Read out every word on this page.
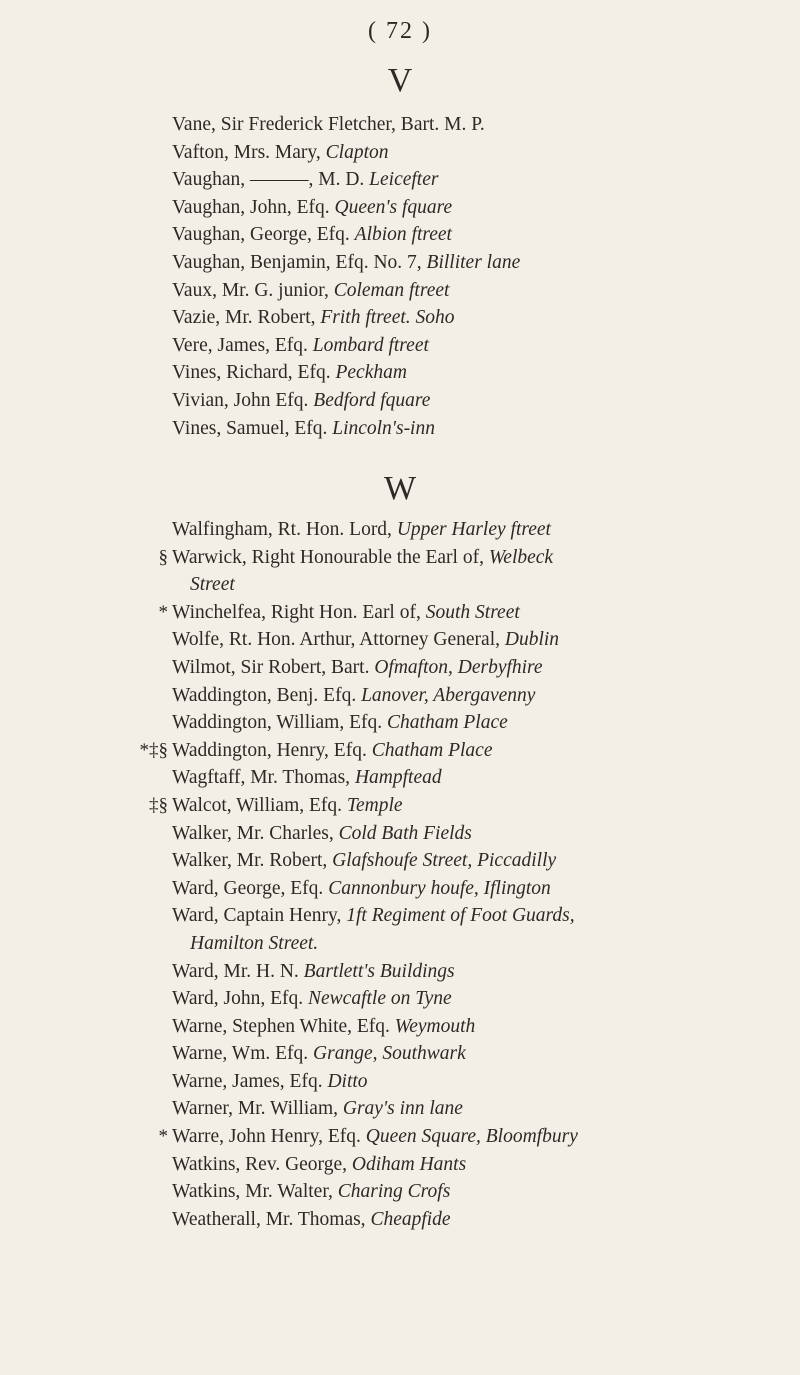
( 72 )
V
Vane, Sir Frederick Fletcher, Bart. M. P.
Vafton, Mrs. Mary, Clapton
Vaughan, ———, M. D. Leicefter
Vaughan, John, Efq. Queen's fquare
Vaughan, George, Efq. Albion ftreet
Vaughan, Benjamin, Efq. No. 7, Billiter lane
Vaux, Mr. G. junior, Coleman ftreet
Vazie, Mr. Robert, Frith ftreet. Soho
Vere, James, Efq. Lombard ftreet
Vines, Richard, Efq. Peckham
Vivian, John Efq. Bedford fquare
Vines, Samuel, Efq. Lincoln's-inn
W
Walfingham, Rt. Hon. Lord, Upper Harley ftreet
§ Warwick, Right Honourable the Earl of, Welbeck
Street
* Winchelfea, Right Hon. Earl of, South Street
Wolfe, Rt. Hon. Arthur, Attorney General, Dublin
Wilmot, Sir Robert, Bart. Ofmafton, Derbyfhire
Waddington, Benj. Efq. Lanover, Abergavenny
Waddington, William, Efq. Chatham Place
*‡§ Waddington, Henry, Efq. Chatham Place
Wagftaff, Mr. Thomas, Hampftead
‡§ Walcot, William, Efq. Temple
Walker, Mr. Charles, Cold Bath Fields
Walker, Mr. Robert, Glafshoufe Street, Piccadilly
Ward, George, Efq. Cannonbury houfe, Iflington
Ward, Captain Henry, 1ft Regiment of Foot Guards,
Hamilton Street.
Ward, Mr. H. N. Bartlett's Buildings
Ward, John, Efq. Newcaftle on Tyne
Warne, Stephen White, Efq. Weymouth
Warne, Wm. Efq. Grange, Southwark
Warne, James, Efq. Ditto
Warner, Mr. William, Gray's inn lane
* Warre, John Henry, Efq. Queen Square, Bloomfbury
Watkins, Rev. George, Odiham Hants
Watkins, Mr. Walter, Charing Crofs
Weatherall, Mr. Thomas, Cheapfide
